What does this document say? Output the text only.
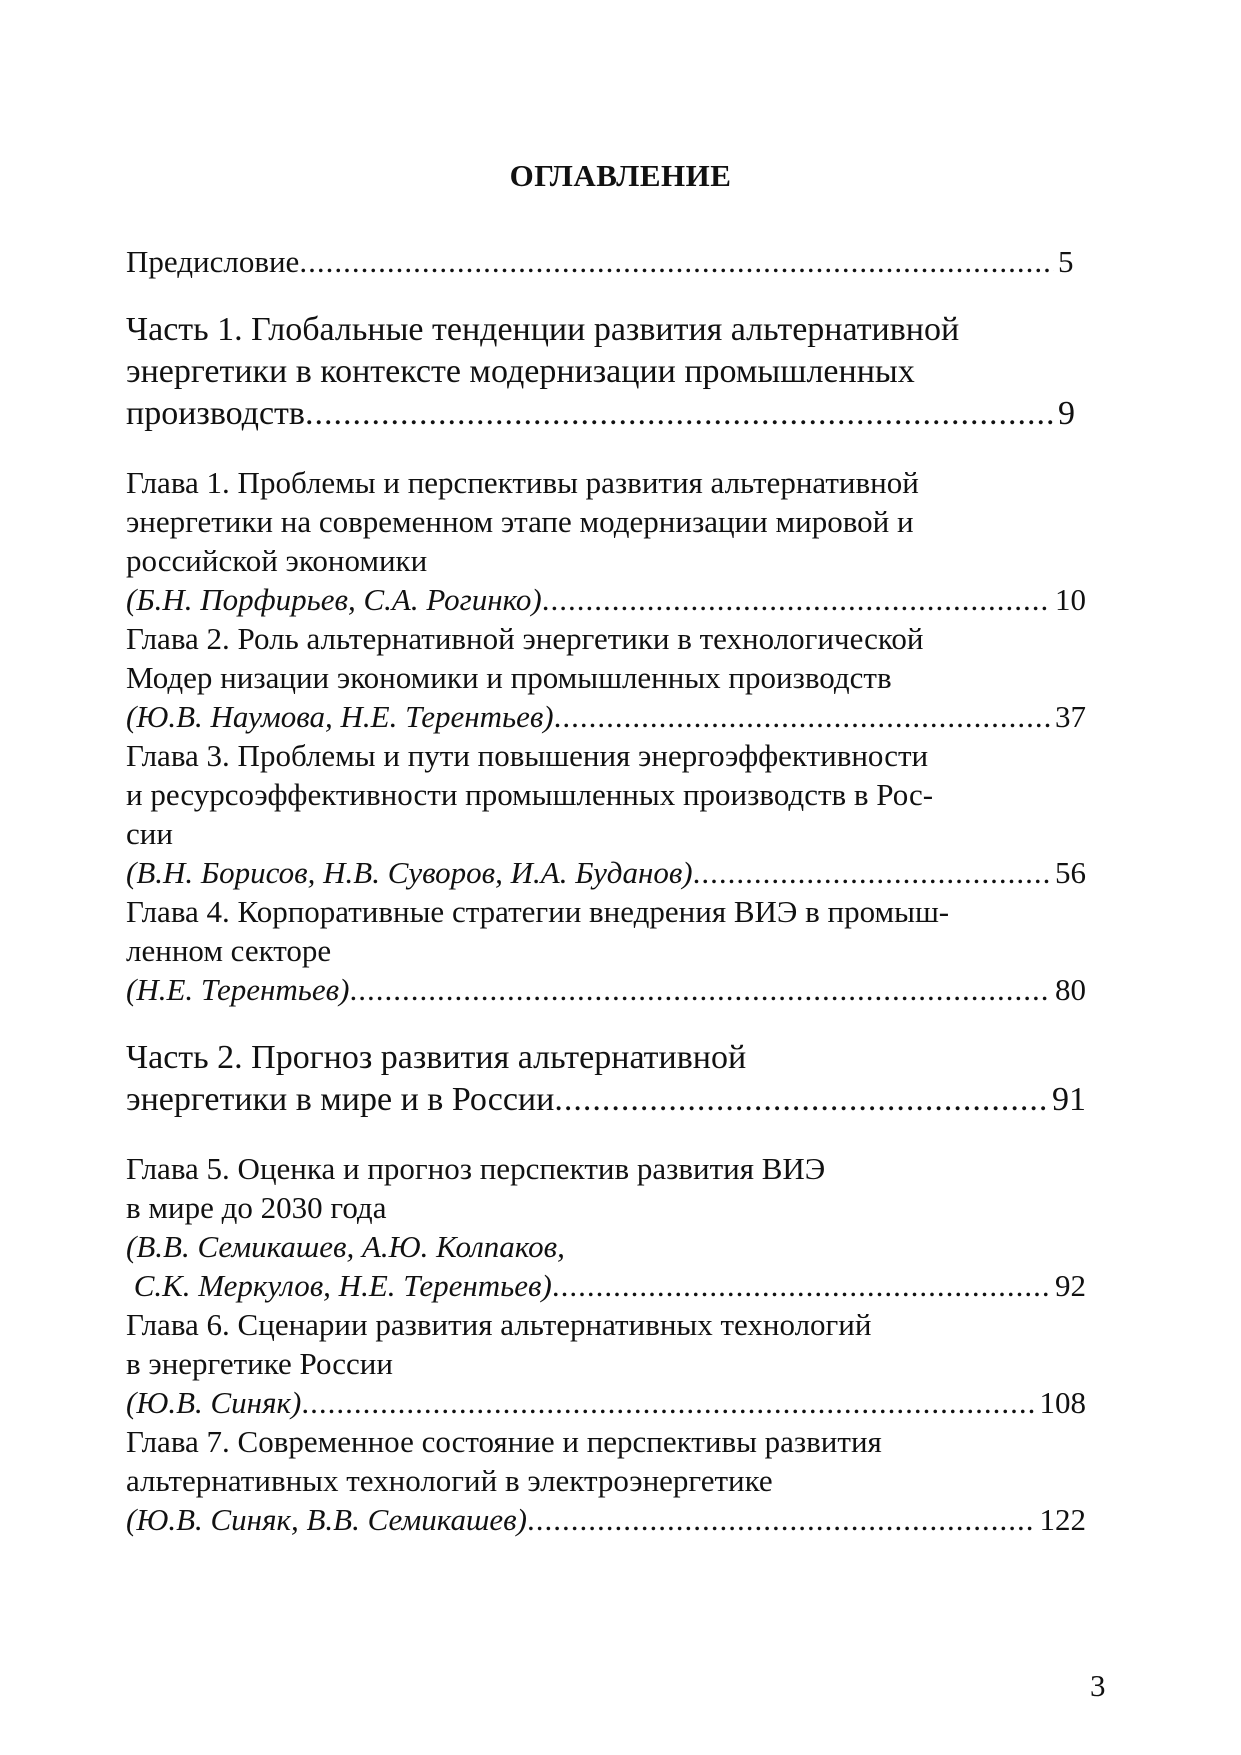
ОГЛАВЛЕНИЕ
Предисловие .....	5
Часть 1. Глобальные тенденции развития альтернативной
энергетики в контексте модернизации промышленных
производств .....	9
Глава 1. Проблемы и перспективы развития альтернативной
энергетики на современном этапе модернизации мировой и
российской экономики
(Б.Н. Порфирьев, С.А. Рогинко) .....	10
Глава 2. Роль альтернативной энергетики в технологической
Модер низации экономики и промышленных производств
(Ю.В. Наумова, Н.Е. Терентьев) .....	37
Глава 3. Проблемы и пути повышения энергоэффективности
и ресурсоэффективности промышленных производств в Рос-
сии
(В.Н. Борисов, Н.В. Суворов, И.А. Буданов) .....	56
Глава 4. Корпоративные стратегии внедрения ВИЭ в промыш-
ленном секторе
(Н.Е. Терентьев) .....	80
Часть 2. Прогноз развития альтернативной
энергетики в мире и в России .....	91
Глава 5. Оценка и прогноз перспектив развития ВИЭ
в мире до 2030 года
(В.В. Семикашев, А.Ю. Колпаков,
С.К. Меркулов, Н.Е. Терентьев) .....	92
Глава 6. Сценарии развития альтернативных технологий
в энергетике России
(Ю.В. Синяк) .....	108
Глава 7. Современное состояние и перспективы развития
альтернативных технологий в электроэнергетике
(Ю.В. Синяк, В.В. Семикашев) .....	122
3
